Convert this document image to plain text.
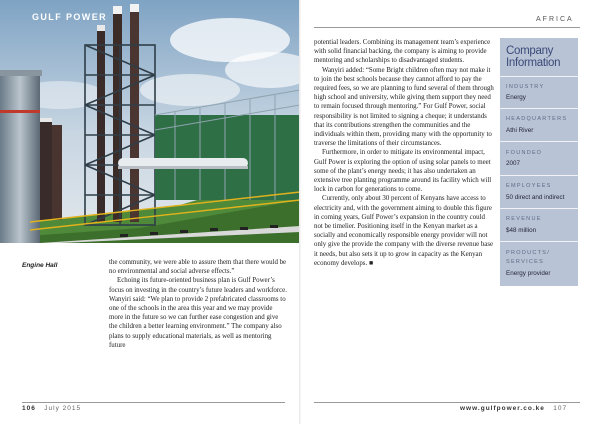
GULF POWER
Engine Hall	the community, we were able to assure them that there would be no environmental and social adverse effects.”

Echoing its future-oriented business plan is Gulf Power’s focus on investing in the country’s future leaders and workforce. Wanyiri said: “We plan to provide 2 prefabricated classrooms to one of the schools in the area this year and we may provide more in the future so we can further ease congestion and give the children a better learning environment.” The company also plans to supply educational materials, as well as mentoring future

106 July 2015
AFRICA

potential leaders. Combining its management team’s experience with solid financial backing, the company is aiming to provide mentoring and scholarships to disadvantaged students.

Wanyiri added: “Some Bright children often may not make it to join the best schools because they cannot afford to pay the required fees, so we are planning to fund several of them through high school and university, while giving them support they need to remain focused through mentoring.” For Gulf Power, social responsibility is not limited to signing a cheque; it understands that its contributions strengthen the communities and the individuals within them, providing many with the opportunity to traverse the limitations of their circumstances.

Furthermore, in order to mitigate its environmental impact, Gulf Power is exploring the option of using solar panels to meet some of the plant’s energy needs; it has also undertaken an extensive tree planting programme around its facility which will lock in carbon for generations to come.

Currently, only about 30 percent of Kenyans have access to electricity and, with the government aiming to double this figure in coming years, Gulf Power’s expansion in the country could not be timelier. Positioning itself in the Kenyan market as a socially and economically responsible energy provider will not only give the provide the company with the diverse revenue base it needs, but also sets it up to grow in capacity as the Kenyan economy develops. ■

Company Information
INDUSTRY
Energy
HEADQUARTERS
Athi River
FOUNDED
2007
EMPLOYEES
50 direct and indirect
REVENUE
$48 million
PRODUCTS/ SERVICES
Energy provider
www.gulfpower.co.ke 107
